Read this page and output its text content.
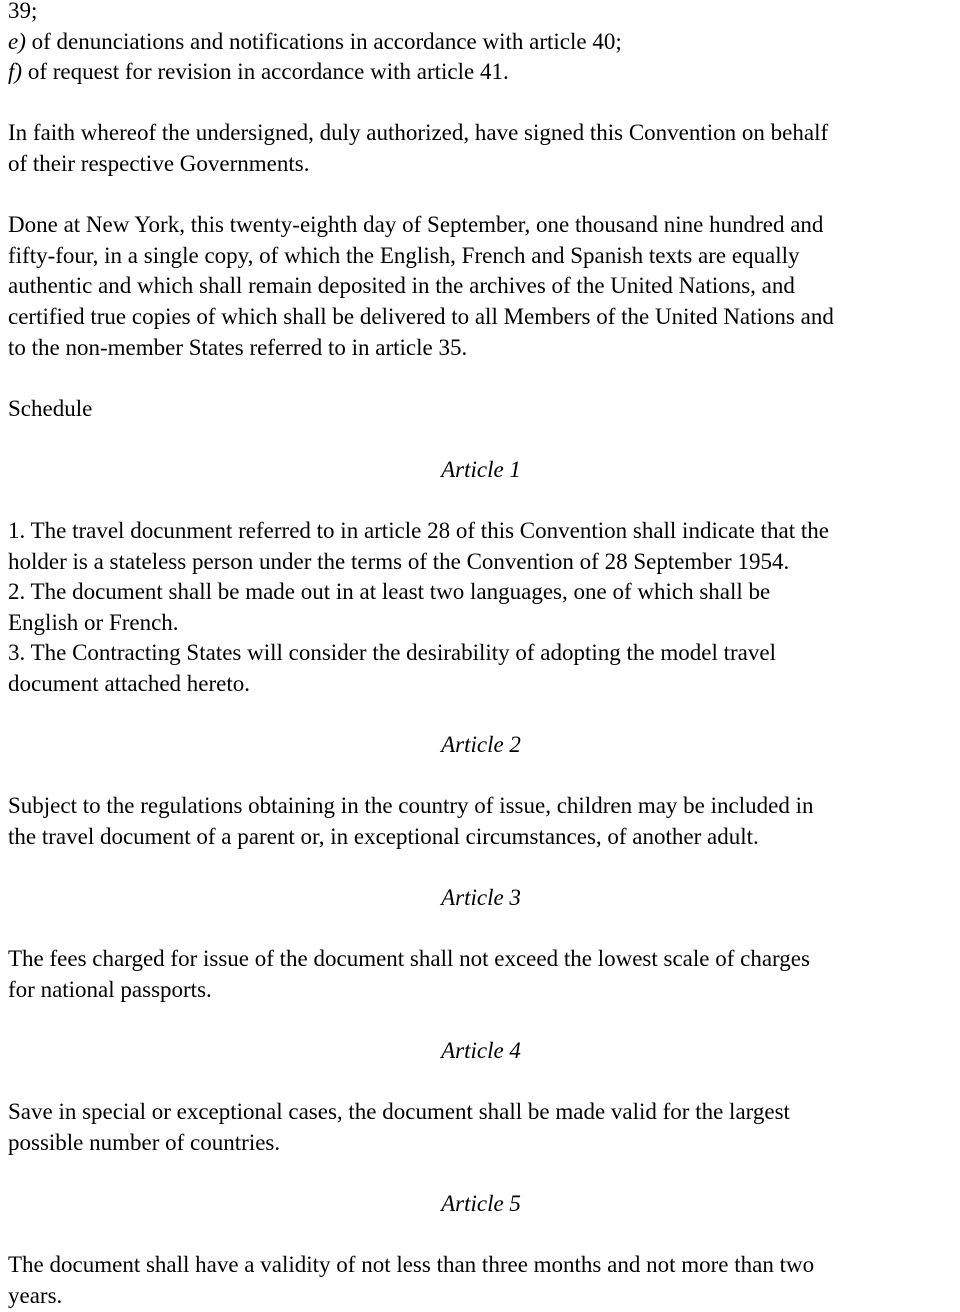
39;
e) of denunciations and notifications in accordance with article 40;
f) of request for revision in accordance with article 41.
In faith whereof the undersigned, duly authorized, have signed this Convention on behalf
of their respective Governments.
Done at New York, this twenty-eighth day of September, one thousand nine hundred and
fifty-four, in a single copy, of which the English, French and Spanish texts are equally
authentic and which shall remain deposited in the archives of the United Nations, and
certified true copies of which shall be delivered to all Members of the United Nations and
to the non-member States referred to in article 35.
Schedule
Article 1
1. The travel docunment referred to in article 28 of this Convention shall indicate that the
holder is a stateless person under the terms of the Convention of 28 September 1954.
2. The document shall be made out in at least two languages, one of which shall be
English or French.
3. The Contracting States will consider the desirability of adopting the model travel
document attached hereto.
Article 2
Subject to the regulations obtaining in the country of issue, children may be included in
the travel document of a parent or, in exceptional circumstances, of another adult.
Article 3
The fees charged for issue of the document shall not exceed the lowest scale of charges
for national passports.
Article 4
Save in special or exceptional cases, the document shall be made valid for the largest
possible number of countries.
Article 5
The document shall have a validity of not less than three months and not more than two
years.
